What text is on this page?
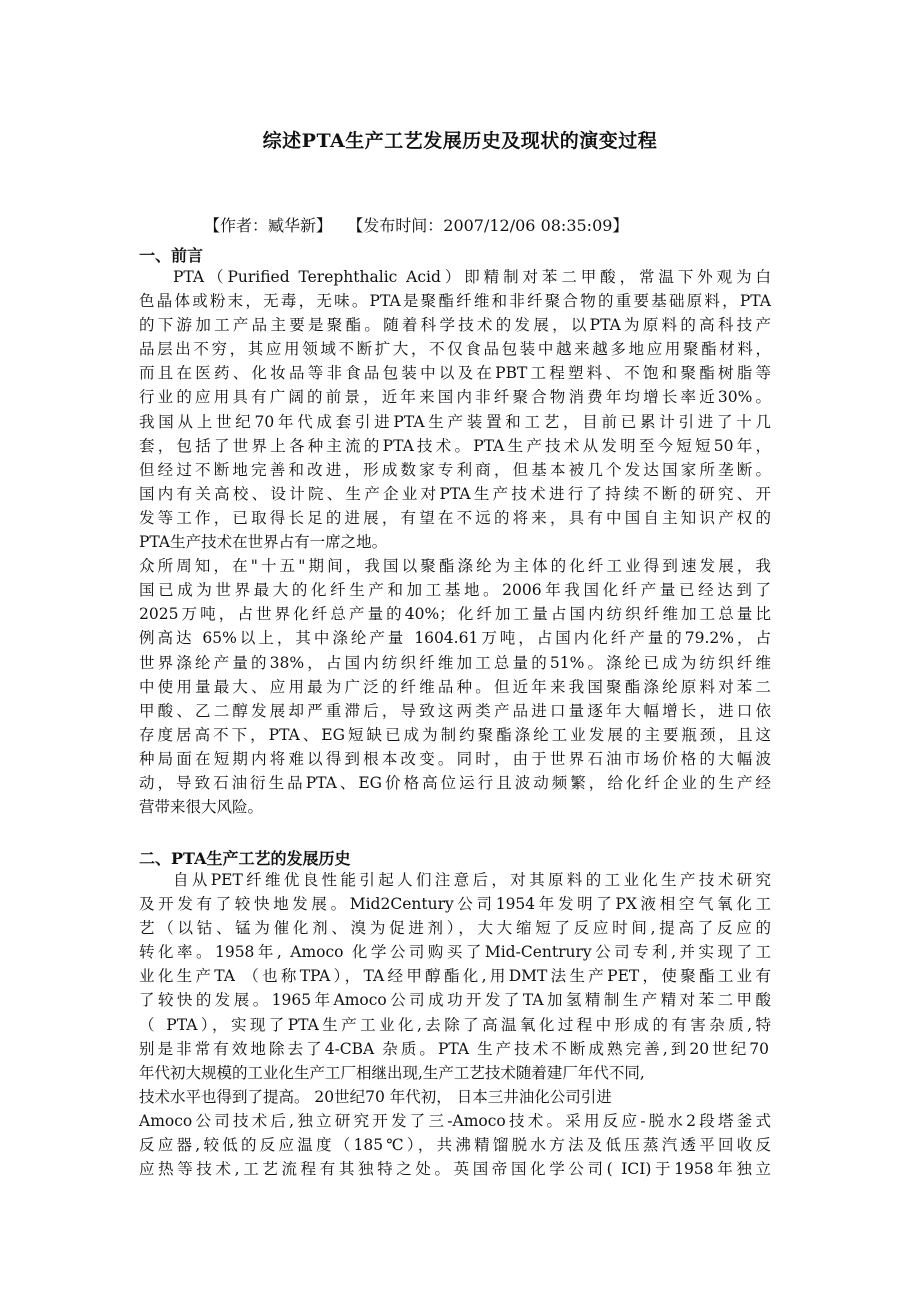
综述PTA生产工艺发展历史及现状的演变过程
【作者：臧华新】   【发布时间：2007/12/06 08:35:09】
一、前言
PTA（Purified Terephthalic Acid）即精制对苯二甲酸，常温下外观为白
色晶体或粉末，无毒，无味。PTA是聚酯纤维和非纤聚合物的重要基础原料，PTA
的下游加工产品主要是聚酯。随着科学技术的发展，以PTA为原料的高科技产
品层出不穷，其应用领域不断扩大，不仅食品包装中越来越多地应用聚酯材料，
而且在医药、化妆品等非食品包装中以及在PBT工程塑料、不饱和聚酯树脂等
行业的应用具有广阔的前景，近年来国内非纤聚合物消费年均增长率近30%。
我国从上世纪70年代成套引进PTA生产装置和工艺，目前已累计引进了十几
套，包括了世界上各种主流的PTA技术。PTA生产技术从发明至今短短50年，
但经过不断地完善和改进，形成数家专利商，但基本被几个发达国家所垄断。
国内有关高校、设计院、生产企业对PTA生产技术进行了持续不断的研究、开
发等工作，已取得长足的进展，有望在不远的将来，具有中国自主知识产权的
PTA生产技术在世界占有一席之地。
众所周知，在"十五"期间，我国以聚酯涤纶为主体的化纤工业得到速发展，我
国已成为世界最大的化纤生产和加工基地。2006年我国化纤产量已经达到了
2025万吨，占世界化纤总产量的40%；化纤加工量占国内纺织纤维加工总量比
例高达 65%以上，其中涤纶产量 1604.61万吨，占国内化纤产量的79.2%，占
世界涤纶产量的38%，占国内纺织纤维加工总量的51%。涤纶已成为纺织纤维
中使用量最大、应用最为广泛的纤维品种。但近年来我国聚酯涤纶原料对苯二
甲酸、乙二醇发展却严重滞后，导致这两类产品进口量逐年大幅增长，进口依
存度居高不下，PTA、EG短缺已成为制约聚酯涤纶工业发展的主要瓶颈，且这
种局面在短期内将难以得到根本改变。同时，由于世界石油市场价格的大幅波
动，导致石油衍生品PTA、EG价格高位运行且波动频繁，给化纤企业的生产经
营带来很大风险。
二、PTA生产工艺的发展历史
自从PET纤维优良性能引起人们注意后，对其原料的工业化生产技术研究
及开发有了较快地发展。Mid2Century公司1954年发明了PX液相空气氧化工
艺（以钴、锰为催化剂、溴为促进剂），大大缩短了反应时间,提高了反应的
转化率。1958年, Amoco 化学公司购买了Mid-Centrury公司专利,并实现了工
业化生产TA （也称TPA），TA经甲醇酯化,用DMT法生产PET，使聚酯工业有
了较快的发展。1965年Amoco公司成功开发了TA加氢精制生产精对苯二甲酸
（ PTA），实现了PTA生产工业化,去除了高温氧化过程中形成的有害杂质,特
别是非常有效地除去了4-CBA 杂质。PTA 生产技术不断成熟完善,到20世纪70
年代初大规模的工业化生产工厂相继出现,生产工艺技术随着建厂年代不同,
技术水平也得到了提高。 20世纪70 年代初， 日本三井油化公司引进
Amoco公司技术后,独立研究开发了三-Amoco技术。采用反应-脱水2段塔釜式
反应器,较低的反应温度（185℃），共沸精馏脱水方法及低压蒸汽透平回收反
应热等技术,工艺流程有其独特之处。英国帝国化学公司( ICI)于1958年独立
